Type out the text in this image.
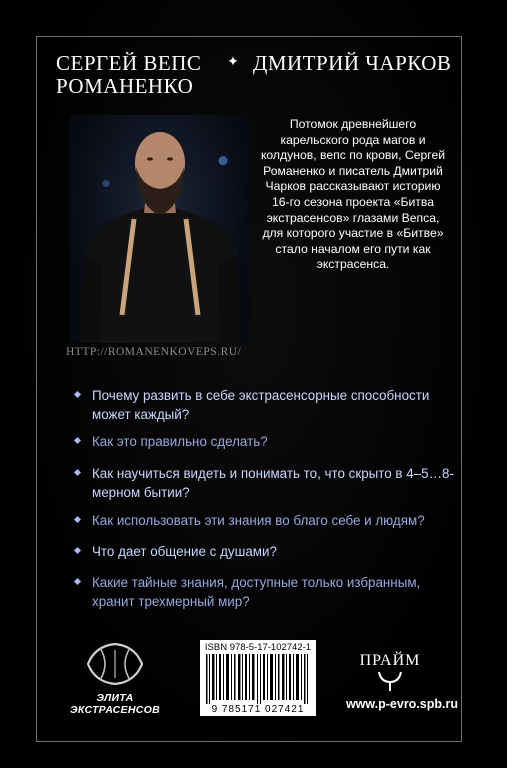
СЕРГЕЙ ВЕПС
РОМАНЕНКО
✦ ДМИТРИЙ ЧАРКОВ
Потомок древнейшего карельского рода магов и колдунов, вепс по крови, Сергей Романенко и писатель Дмитрий Чарков рассказывают историю 16-го сезона проекта «Битва экстрасенсов» глазами Вепса, для которого участие в «Битве» стало началом его пути как экстрасенса.
HTTP://ROMANENKOVEPS.RU/
Почему развить в себе экстрасенсорные способности может каждый?
Как это правильно сделать?
Как научиться видеть и понимать то, что скрыто в 4–5…8-мерном бытии?
Как использовать эти знания во благо себе и людям?
Что дает общение с душами?
Какие тайные знания, доступные только избранным, хранит трехмерный мир?
ЭЛИТА
ЭКСТРАСЕНСОВ
ISBN 978-5-17-102742-1
9 785171 027421
ПРАЙМ
www.p-evro.spb.ru
